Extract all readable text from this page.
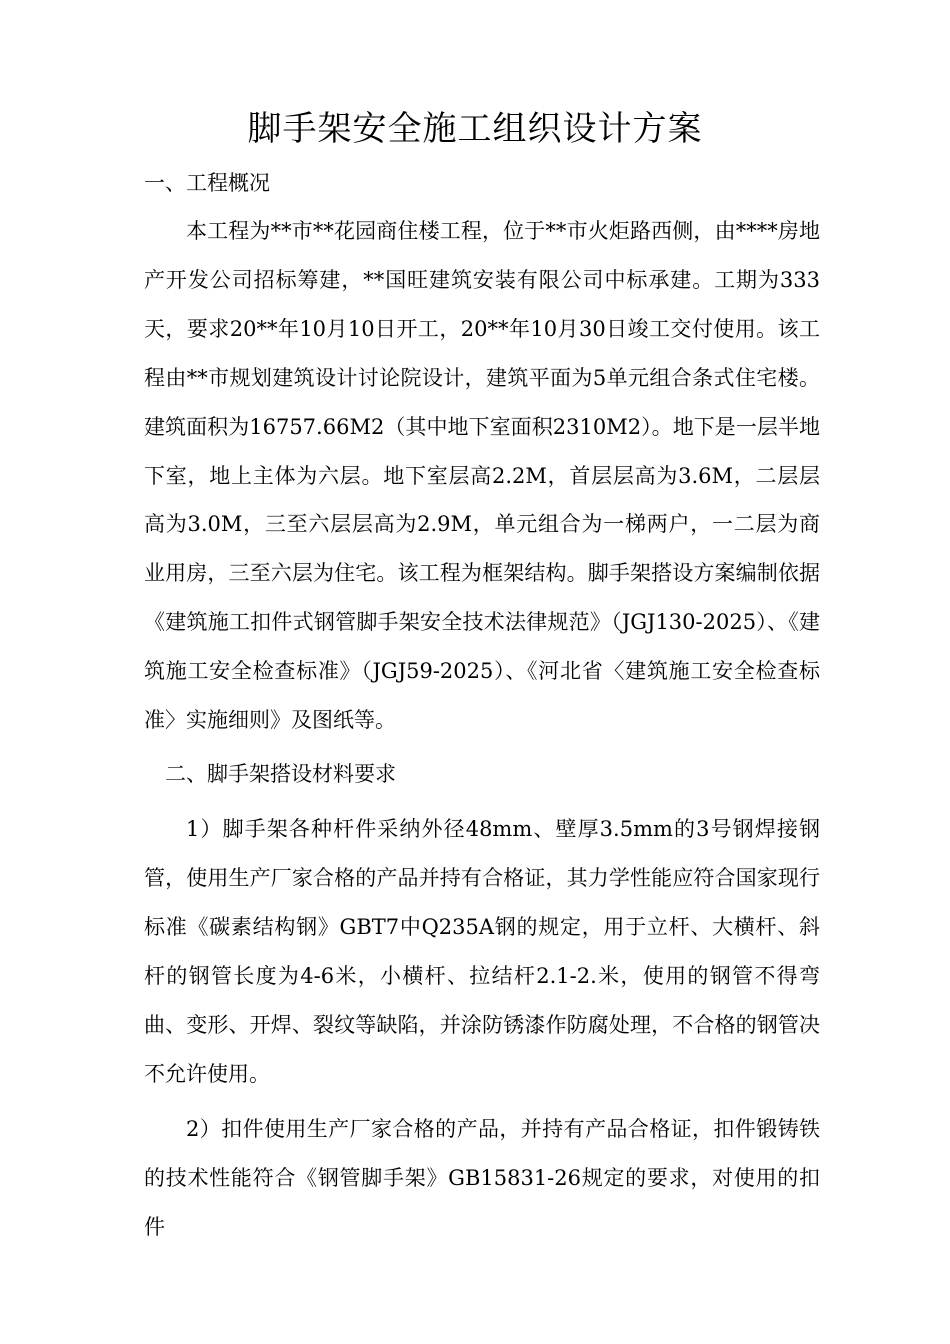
脚手架安全施工组织设计方案
一、工程概况
本工程为**市**花园商住楼工程，位于**市火炬路西侧，由****房地产开发公司招标筹建，**国旺建筑安装有限公司中标承建。工期为333天，要求20**年10月10日开工，20**年10月30日竣工交付使用。该工程由**市规划建筑设计讨论院设计，建筑平面为5单元组合条式住宅楼。建筑面积为16757.66M2（其中地下室面积2310M2）。地下是一层半地下室，地上主体为六层。地下室层高2.2M，首层层高为3.6M，二层层高为3.0M，三至六层层高为2.9M，单元组合为一梯两户，一二层为商业用房，三至六层为住宅。该工程为框架结构。脚手架搭设方案编制依据《建筑施工扣件式钢管脚手架安全技术法律规范》（JGJ130-2025）、《建筑施工安全检查标准》（JGJ59-2025）、《河北省〈建筑施工安全检查标准〉实施细则》及图纸等。
二、脚手架搭设材料要求
1）脚手架各种杆件采纳外径48mm、壁厚3.5mm的3号钢焊接钢管，使用生产厂家合格的产品并持有合格证，其力学性能应符合国家现行标准《碳素结构钢》GBT7中Q235A钢的规定，用于立杆、大横杆、斜杆的钢管长度为4-6米，小横杆、拉结杆2.1-2.米，使用的钢管不得弯曲、变形、开焊、裂纹等缺陷，并涂防锈漆作防腐处理，不合格的钢管决不允许使用。
2）扣件使用生产厂家合格的产品，并持有产品合格证，扣件锻铸铁的技术性能符合《钢管脚手架》GB15831-26规定的要求，对使用的扣件
